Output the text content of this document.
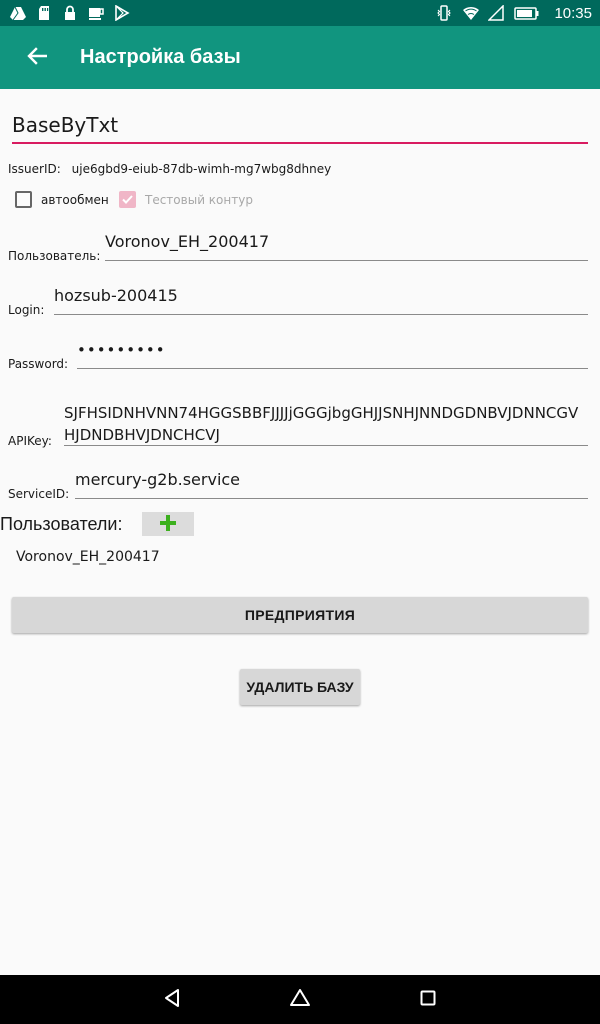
10:35
Настройка базы
BaseByTxt
IssuerID: uje6gbd9-eiub-87db-wimh-mg7wbg8dhney
автообмен	Тестовый контур
Пользователь:
Voronov_EH_200417
Login:
hozsub-200415
Password:
•••••••••
APIKey:
SJFHSIDNHVNN74HGGSBBFJJJJjGGGjbgGHJJSNHJNNDGDNBVJDNNCGVHJDNDBHVJDNCHCVJ
ServiceID:
mercury-g2b.service
Пользователи:
Voronov_EH_200417
ПРЕДПРИЯТИЯ
УДАЛИТЬ БАЗУ
